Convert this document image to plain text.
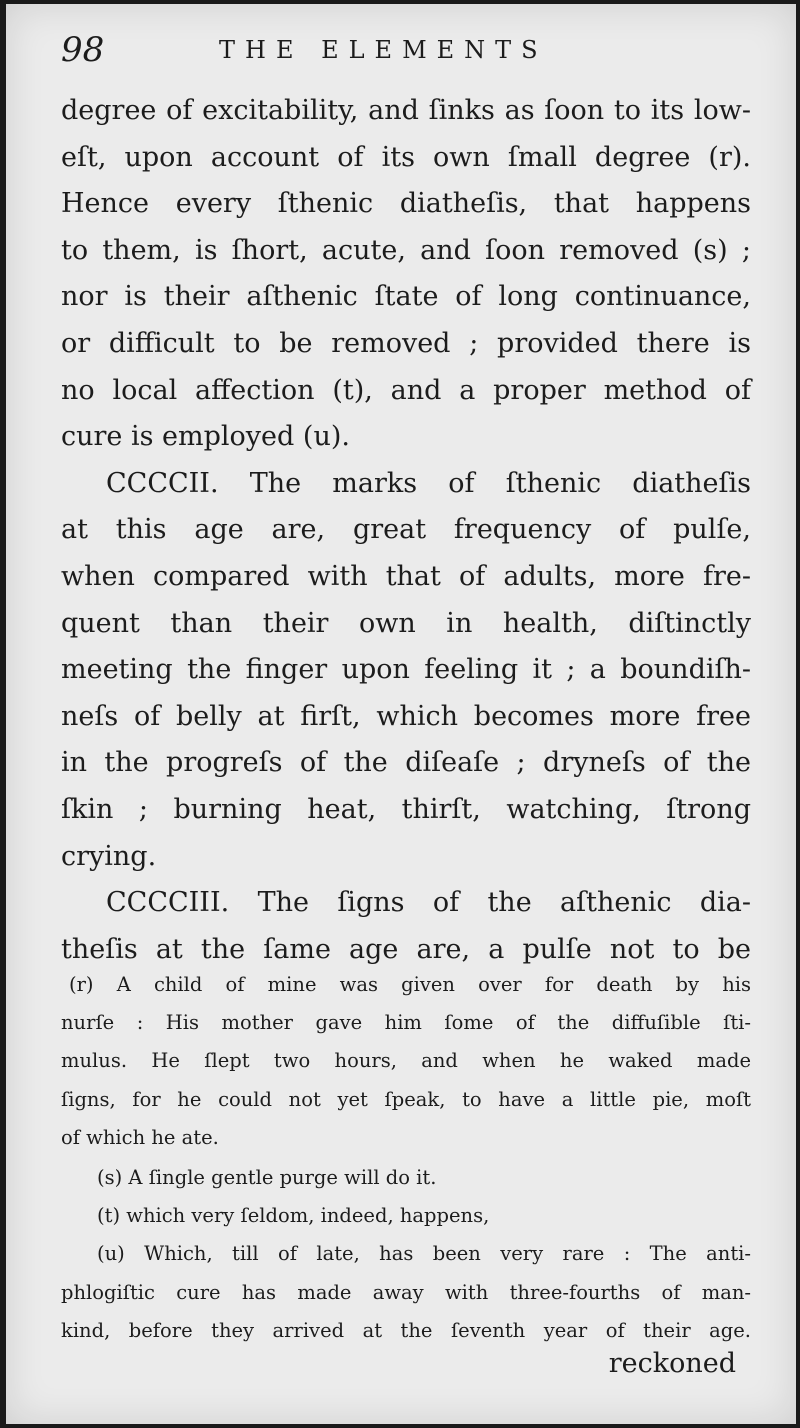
98	THE ELEMENTS
degree of excitability, and ſinks as ſoon to its low-
eſt, upon account of its own ſmall degree (r).
Hence every ſthenic diatheſis, that happens
to them, is ſhort, acute, and ſoon removed (s) ;
nor is their aſthenic ſtate of long continuance,
or difficult to be removed ; provided there is
no local affection (t), and a proper method of
cure is employed (u).
CCCCII. The marks of ſthenic diatheſis
at this age are, great frequency of pulſe,
when compared with that of adults, more fre-
quent than their own in health, diſtinctly
meeting the finger upon feeling it ; a boundiſh-
neſs of belly at firſt, which becomes more free
in the progreſs of the diſeaſe ; dryneſs of the
ſkin ; burning heat, thirſt, watching, ſtrong
crying.
CCCCIII. The ſigns of the aſthenic dia-
theſis at the ſame age are, a pulſe not to be
(r) A child of mine was given over for death by his
nurſe : His mother gave him ſome of the diffuſible ſti-
mulus. He ſlept two hours, and when he waked made
ſigns, for he could not yet ſpeak, to have a little pie, moſt
of which he ate.
(s) A ſingle gentle purge will do it.
(t) which very ſeldom, indeed, happens,
(u) Which, till of late, has been very rare : The anti-
phlogiſtic cure has made away with three-fourths of man-
kind, before they arrived at the ſeventh year of their age.
reckoned
